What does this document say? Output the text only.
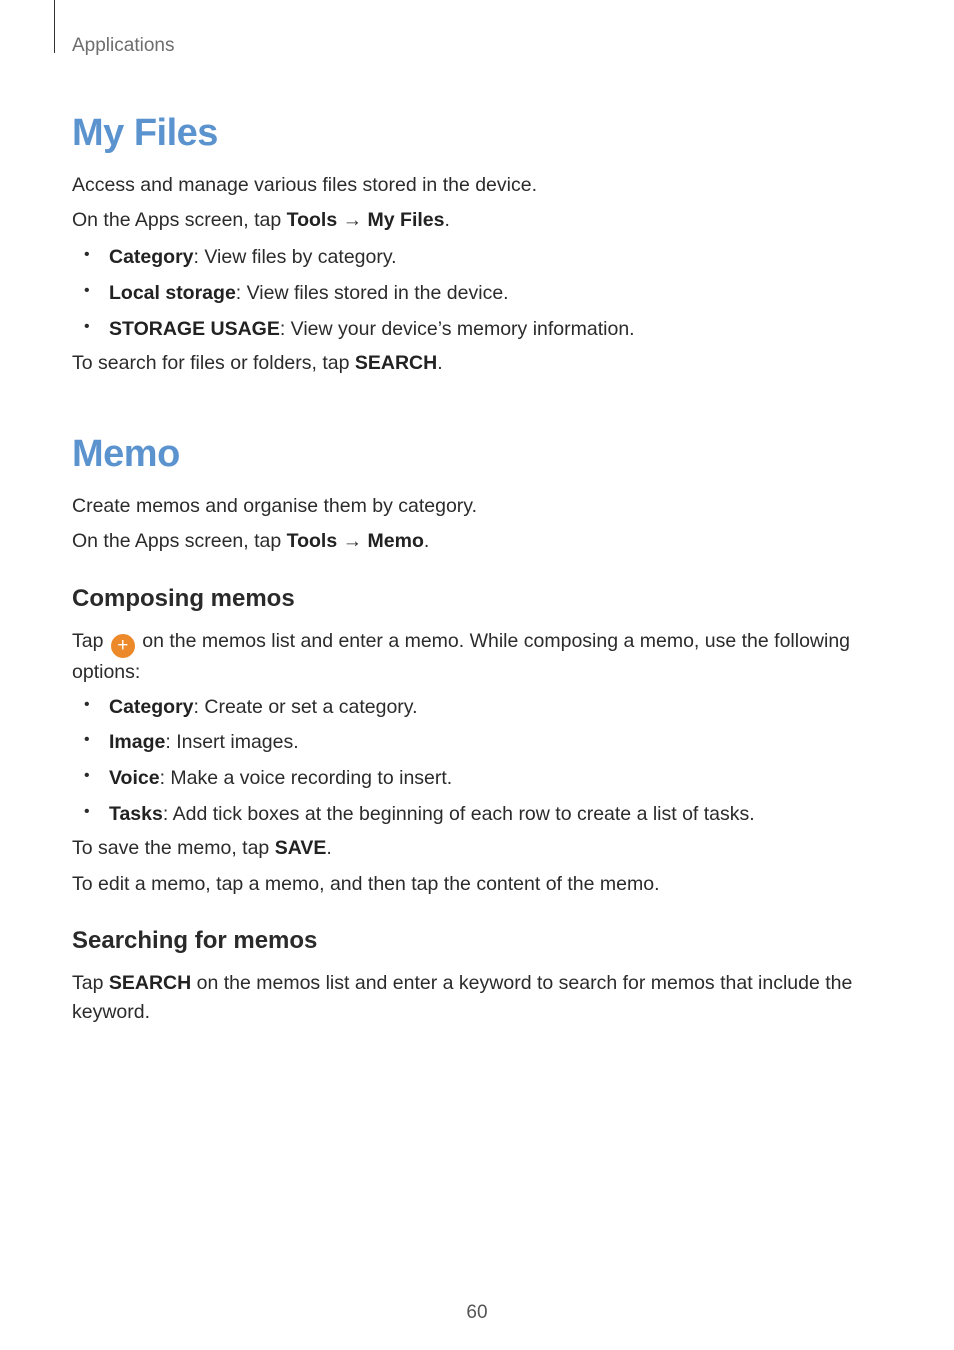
Applications
My Files

Access and manage various files stored in the device.

On the Apps screen, tap Tools → My Files.

• Category: View files by category.
• Local storage: View files stored in the device.
• STORAGE USAGE: View your device’s memory information.

To search for files or folders, tap SEARCH.

Memo

Create memos and organise them by category.

On the Apps screen, tap Tools → Memo.

Composing memos

Tap + on the memos list and enter a memo. While composing a memo, use the following options:

• Category: Create or set a category.
• Image: Insert images.
• Voice: Make a voice recording to insert.
• Tasks: Add tick boxes at the beginning of each row to create a list of tasks.

To save the memo, tap SAVE.

To edit a memo, tap a memo, and then tap the content of the memo.

Searching for memos

Tap SEARCH on the memos list and enter a keyword to search for memos that include the keyword.

60
